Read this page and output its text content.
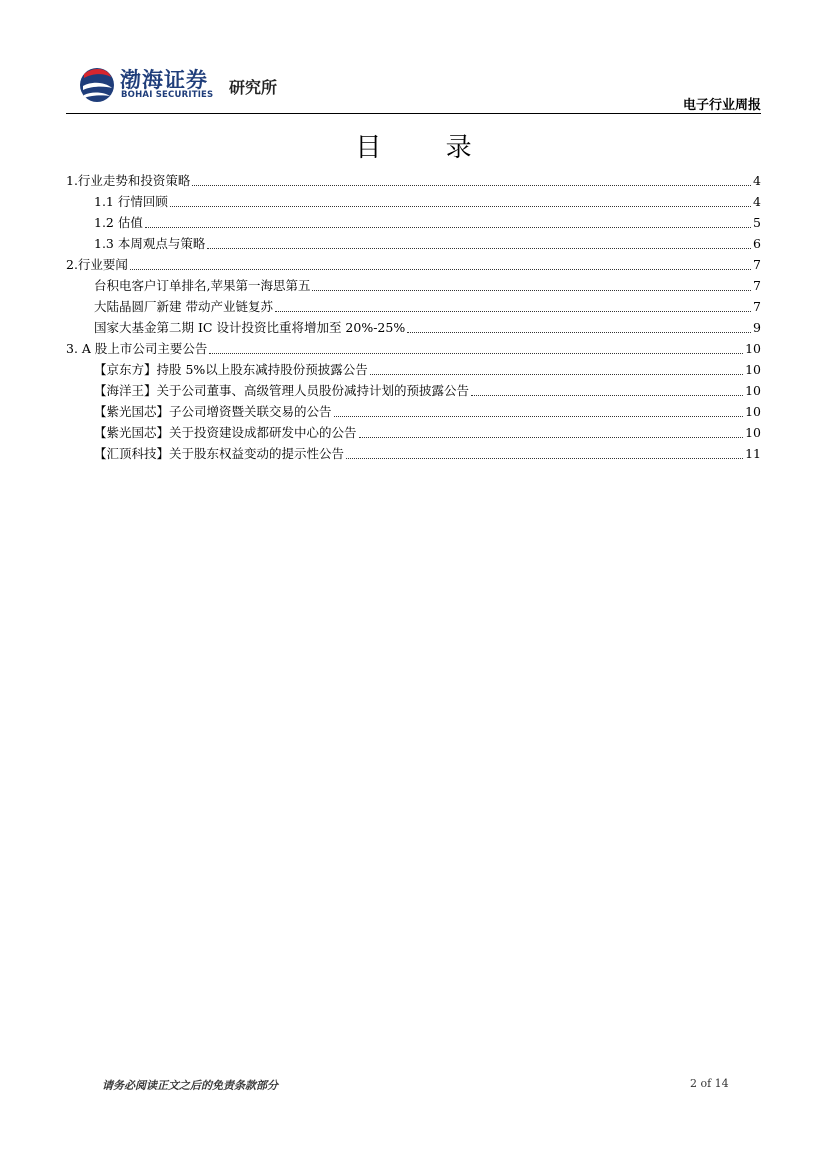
渤海证券
BOHAI SECURITIES 研究所
电子行业周报
目 录
1.行业走势和投资策略	4
1.1 行情回顾	4
1.2 估值	5
1.3 本周观点与策略	6
2.行业要闻	7
台积电客户订单排名,苹果第一海思第五	7
大陆晶圆厂新建 带动产业链复苏	7
国家大基金第二期 IC 设计投资比重将增加至 20%-25%	9
3. A 股上市公司主要公告	10
【京东方】持股 5%以上股东减持股份预披露公告	10
【海洋王】关于公司董事、高级管理人员股份减持计划的预披露公告	10
【紫光国芯】子公司增资暨关联交易的公告	10
【紫光国芯】关于投资建设成都研发中心的公告	10
【汇顶科技】关于股东权益变动的提示性公告	11
请务必阅读正文之后的免责条款部分	2 of 14
